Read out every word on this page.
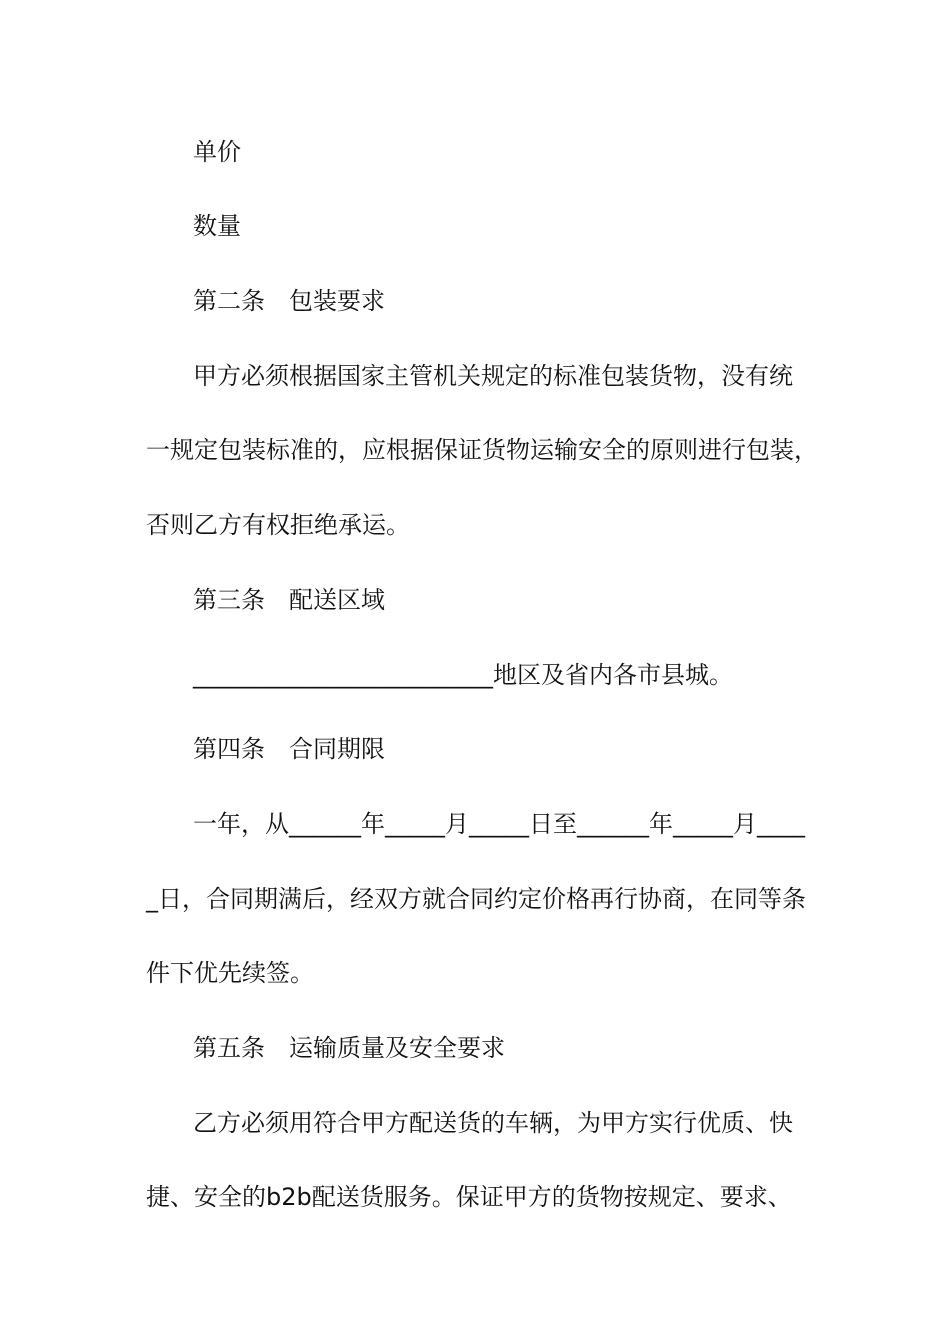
单价
数量
第二条　包装要求
甲方必须根据国家主管机关规定的标准包装货物，没有统
一规定包装标准的，应根据保证货物运输安全的原则进行包装，
否则乙方有权拒绝承运。
第三条　配送区域
_________________________地区及省内各市县城。
第四条　合同期限
一年，从______年_____月_____日至______年_____月____
_日，合同期满后，经双方就合同约定价格再行协商，在同等条
件下优先续签。
第五条　运输质量及安全要求
乙方必须用符合甲方配送货的车辆，为甲方实行优质、快
捷、安全的b2b配送货服务。保证甲方的货物按规定、要求、
